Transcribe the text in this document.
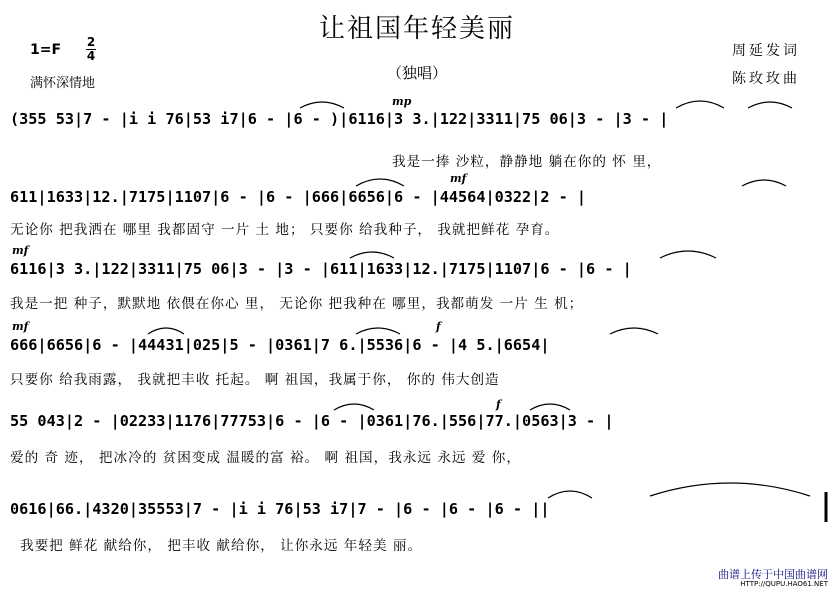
让祖国年轻美丽
（独唱）
1=F 2
4
满怀深情地
周延发词
陈玫玫曲
mp
(355 53|7 - |i i 76|53 i7|6 - |6 - )|6116|3 3.|122|3311|75 06|3 - |3 - |
我是一捧 沙粒，静静地 躺在你的 怀 里，
mf
611|1633|12.|7175|1107|6 - |6 - |666|6656|6 - |44564|0322|2 - |
无论你 把我洒在 哪里 我都固守 一片 土 地； 只要你 给我种子， 我就把鲜花 孕育。
mf
6116|3 3.|122|3311|75 06|3 - |3 - |611|1633|12.|7175|1107|6 - |6 - |
我是一把 种子，默默地 依偎在你心 里， 无论你 把我种在 哪里，我都萌发 一片 生 机；
mf	f
666|6656|6 - |44431|025|5 - |0361|7 6.|5536|6 - |4 5.|6654|
只要你 给我雨露， 我就把丰收 托起。 啊 祖国，我属于你， 你的 伟大创造
f
55 043|2 - |02233|1176|77753|6 - |6 - |0361|76.|556|77.|0563|3 - |
爱的 奇 迹， 把冰冷的 贫困变成 温暖的富 裕。 啊 祖国，我永远 永远 爱 你，
0616|66.|4320|35553|7 - |i i 76|53 i7|7 - |6 - |6 - |6 - ||
我要把 鲜花 献给你， 把丰收 献给你， 让你永远 年轻美 丽。
曲谱上传于中国曲谱网
HTTP://QUPU.HAO61.NET
